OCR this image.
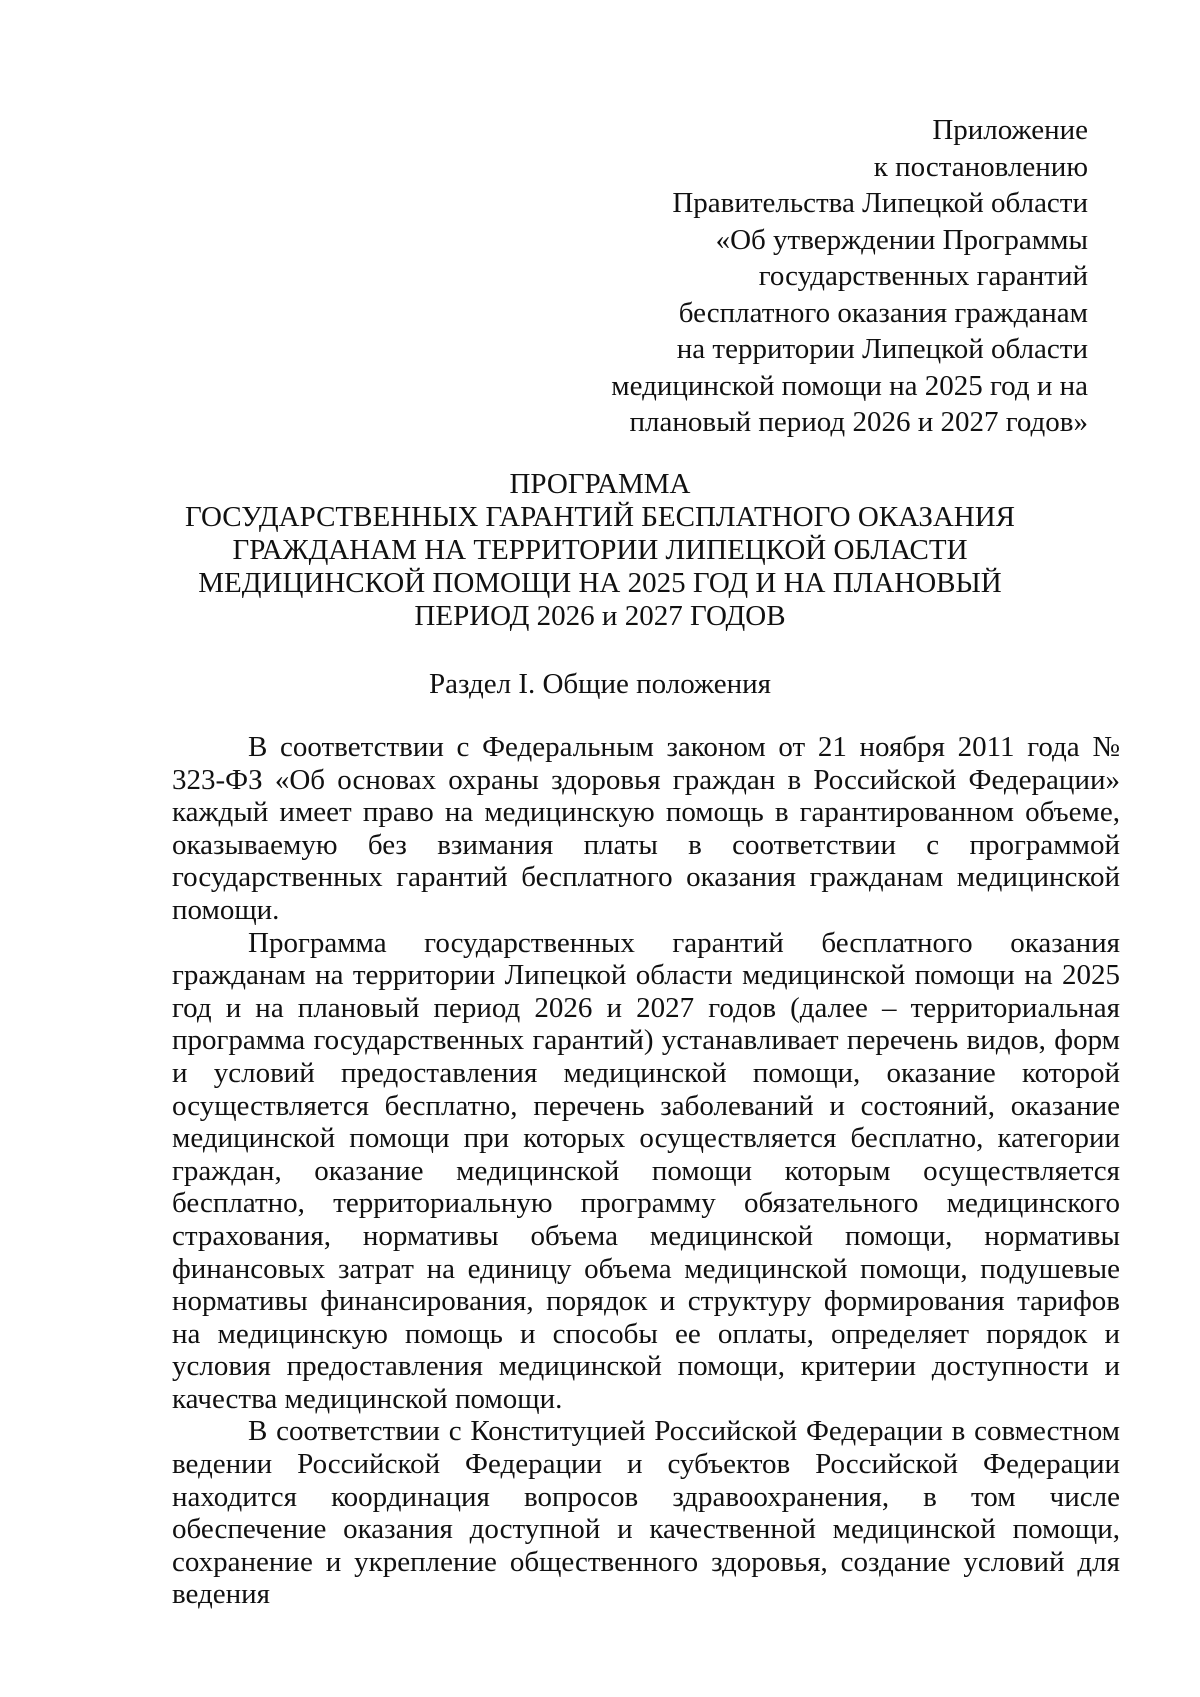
Приложение
к постановлению
Правительства Липецкой области
«Об утверждении Программы
государственных гарантий
бесплатного оказания гражданам
на территории Липецкой области
медицинской помощи на 2025 год и на
плановый период 2026 и 2027 годов»
ПРОГРАММА
ГОСУДАРСТВЕННЫХ ГАРАНТИЙ БЕСПЛАТНОГО ОКАЗАНИЯ
ГРАЖДАНАМ НА ТЕРРИТОРИИ ЛИПЕЦКОЙ ОБЛАСТИ
МЕДИЦИНСКОЙ ПОМОЩИ НА 2025 ГОД И НА ПЛАНОВЫЙ
ПЕРИОД 2026 и 2027 ГОДОВ
Раздел I. Общие положения

В соответствии с Федеральным законом от 21 ноября 2011 года № 323-ФЗ «Об основах охраны здоровья граждан в Российской Федерации» каждый имеет право на медицинскую помощь в гарантированном объеме, оказываемую без взимания платы в соответствии с программой государственных гарантий бесплатного оказания гражданам медицинской помощи.

Программа государственных гарантий бесплатного оказания гражданам на территории Липецкой области медицинской помощи на 2025 год и на плановый период 2026 и 2027 годов (далее – территориальная программа государственных гарантий) устанавливает перечень видов, форм и условий предоставления медицинской помощи, оказание которой осуществляется бесплатно, перечень заболеваний и состояний, оказание медицинской помощи при которых осуществляется бесплатно, категории граждан, оказание медицинской помощи которым осуществляется бесплатно, территориальную программу обязательного медицинского страхования, нормативы объема медицинской помощи, нормативы финансовых затрат на единицу объема медицинской помощи, подушевые нормативы финансирования, порядок и структуру формирования тарифов на медицинскую помощь и способы ее оплаты, определяет порядок и условия предоставления медицинской помощи, критерии доступности и качества медицинской помощи.

В соответствии с Конституцией Российской Федерации в совместном ведении Российской Федерации и субъектов Российской Федерации находится координация вопросов здравоохранения, в том числе обеспечение оказания доступной и качественной медицинской помощи, сохранение и укрепление общественного здоровья, создание условий для ведения
